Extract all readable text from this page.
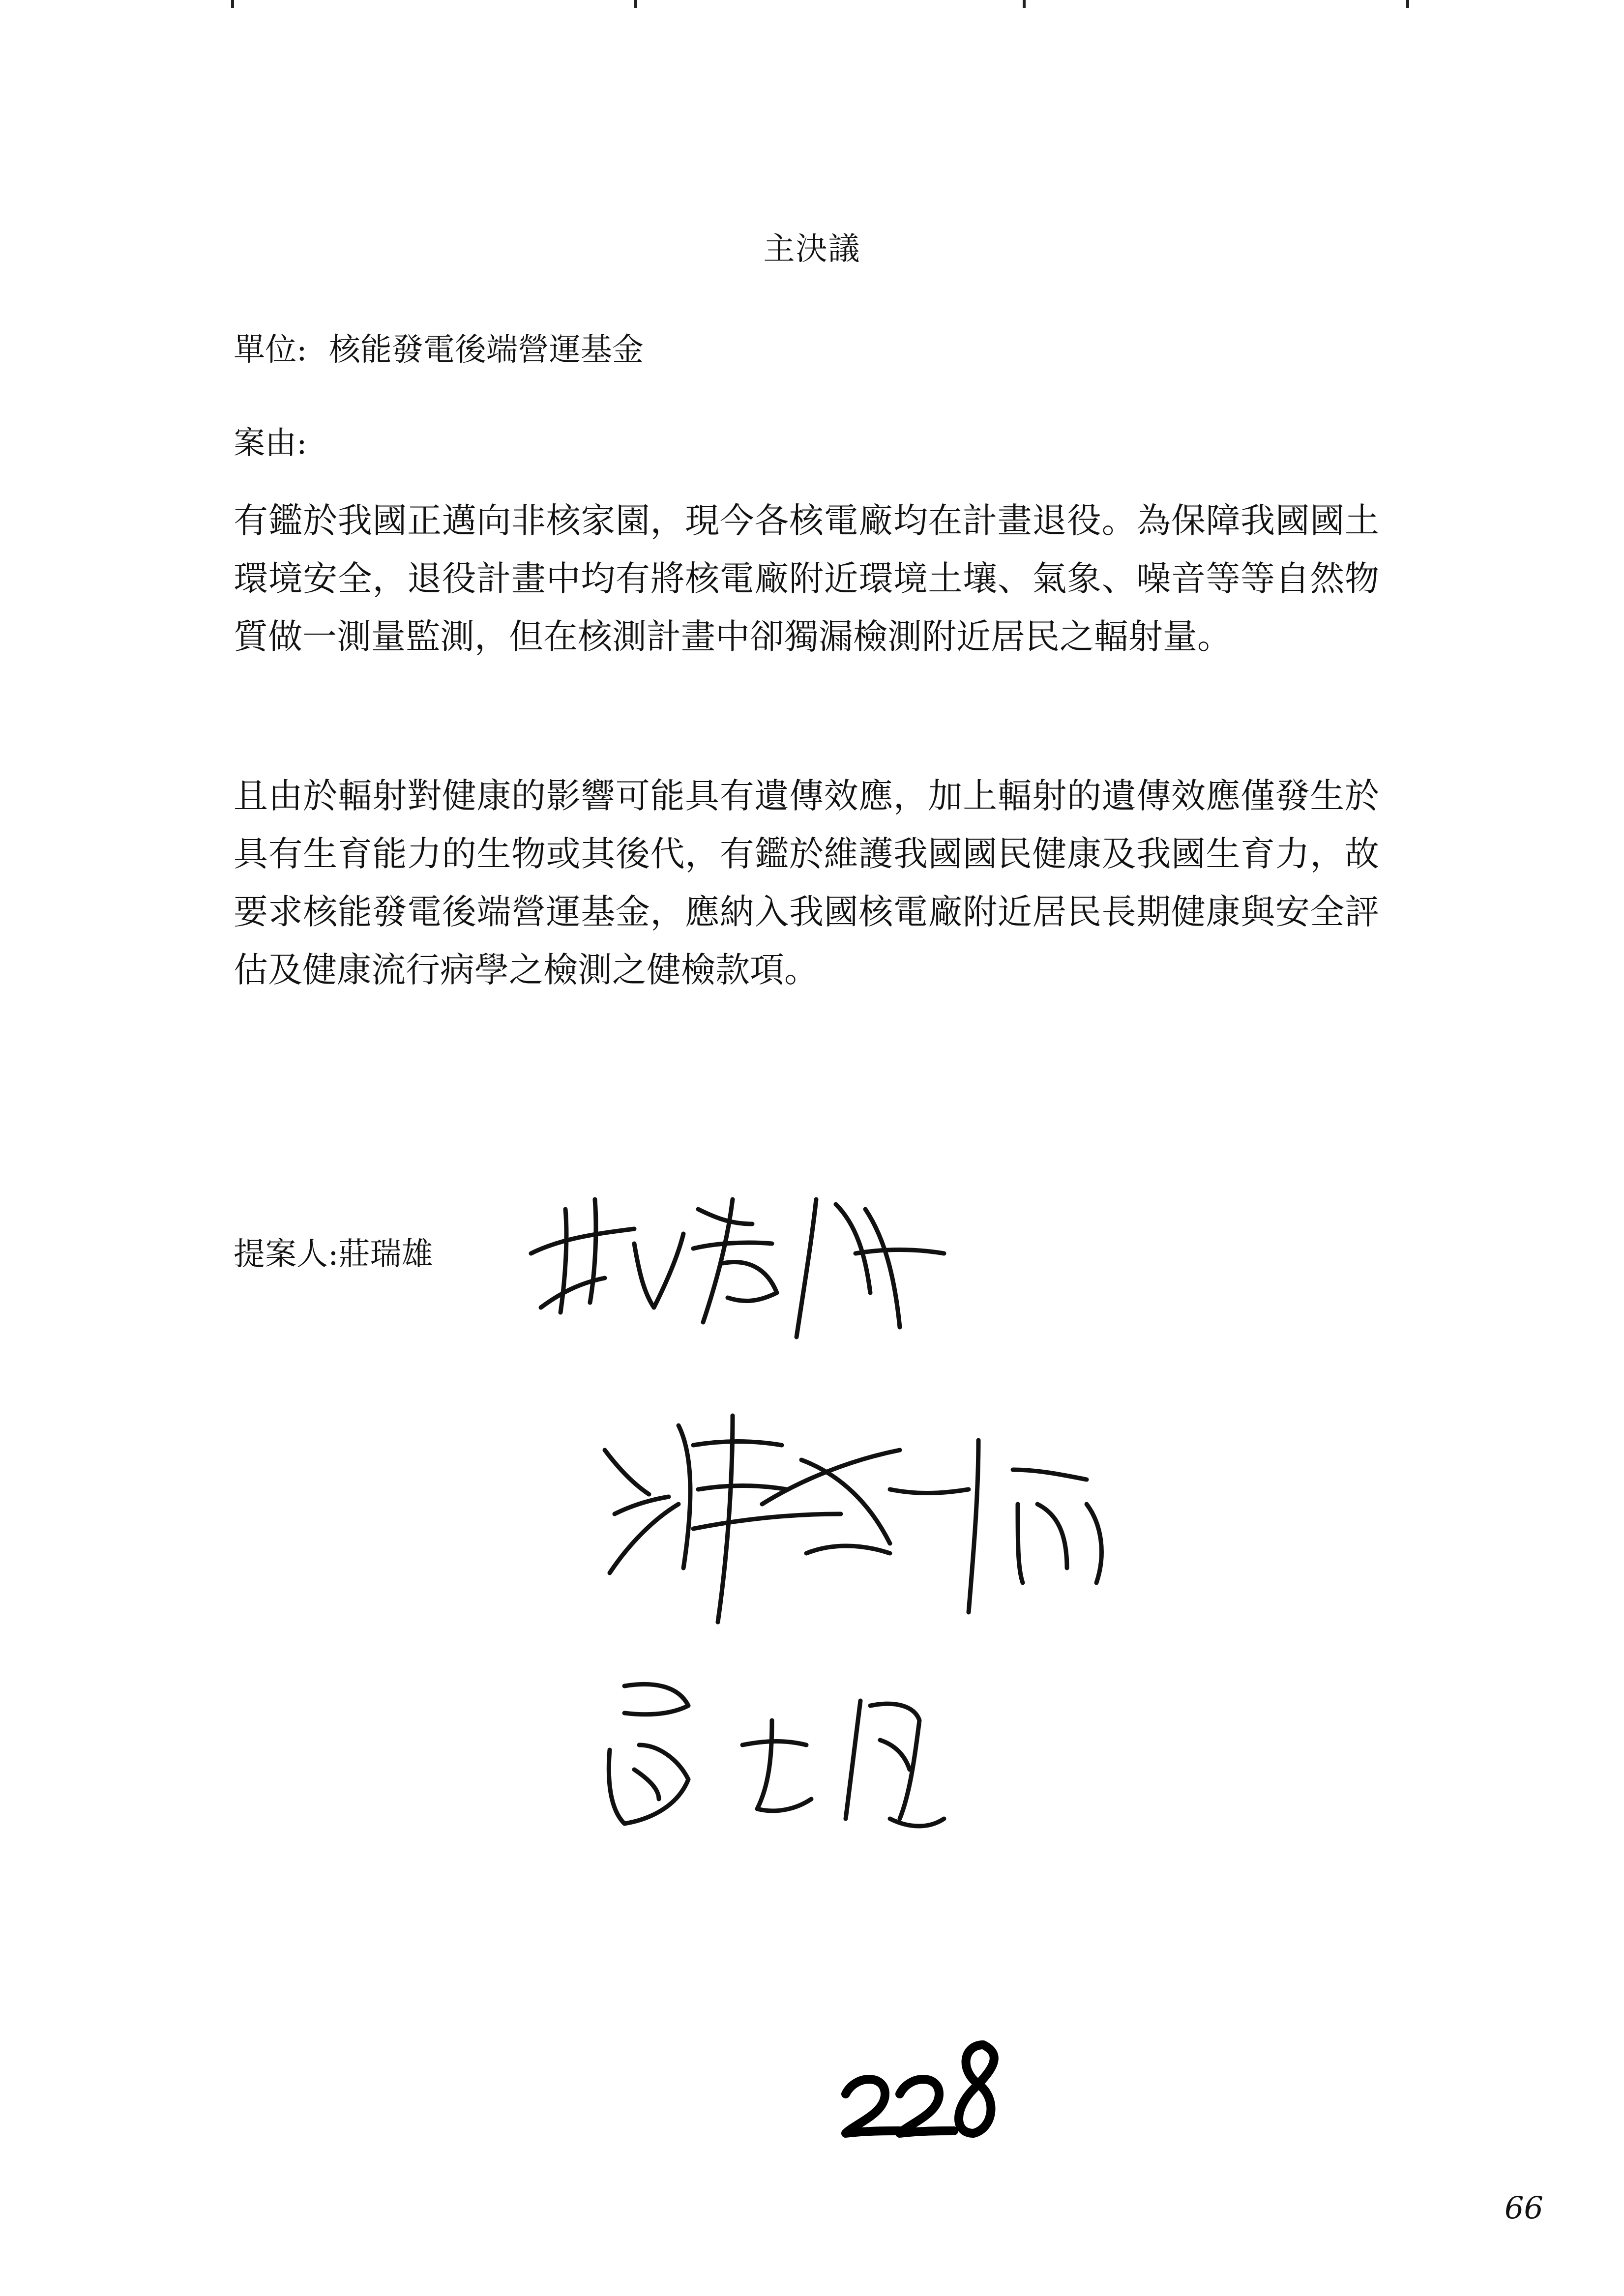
主決議
單位: 核能發電後端營運基金
案由:

有鑑於我國正邁向非核家園，現今各核電廠均在計畫退役。為保障我國國土環境安全，退役計畫中均有將核電廠附近環境土壤、氣象、噪音等等自然物質做一測量監測，但在核測計畫中卻獨漏檢測附近居民之輻射量。

且由於輻射對健康的影響可能具有遺傳效應，加上輻射的遺傳效應僅發生於具有生育能力的生物或其後代，有鑑於維護我國國民健康及我國生育力，故要求核能發電後端營運基金，應納入我國核電廠附近居民長期健康與安全評估及健康流行病學之檢測之健檢款項。

提案人:莊瑞雄
66
